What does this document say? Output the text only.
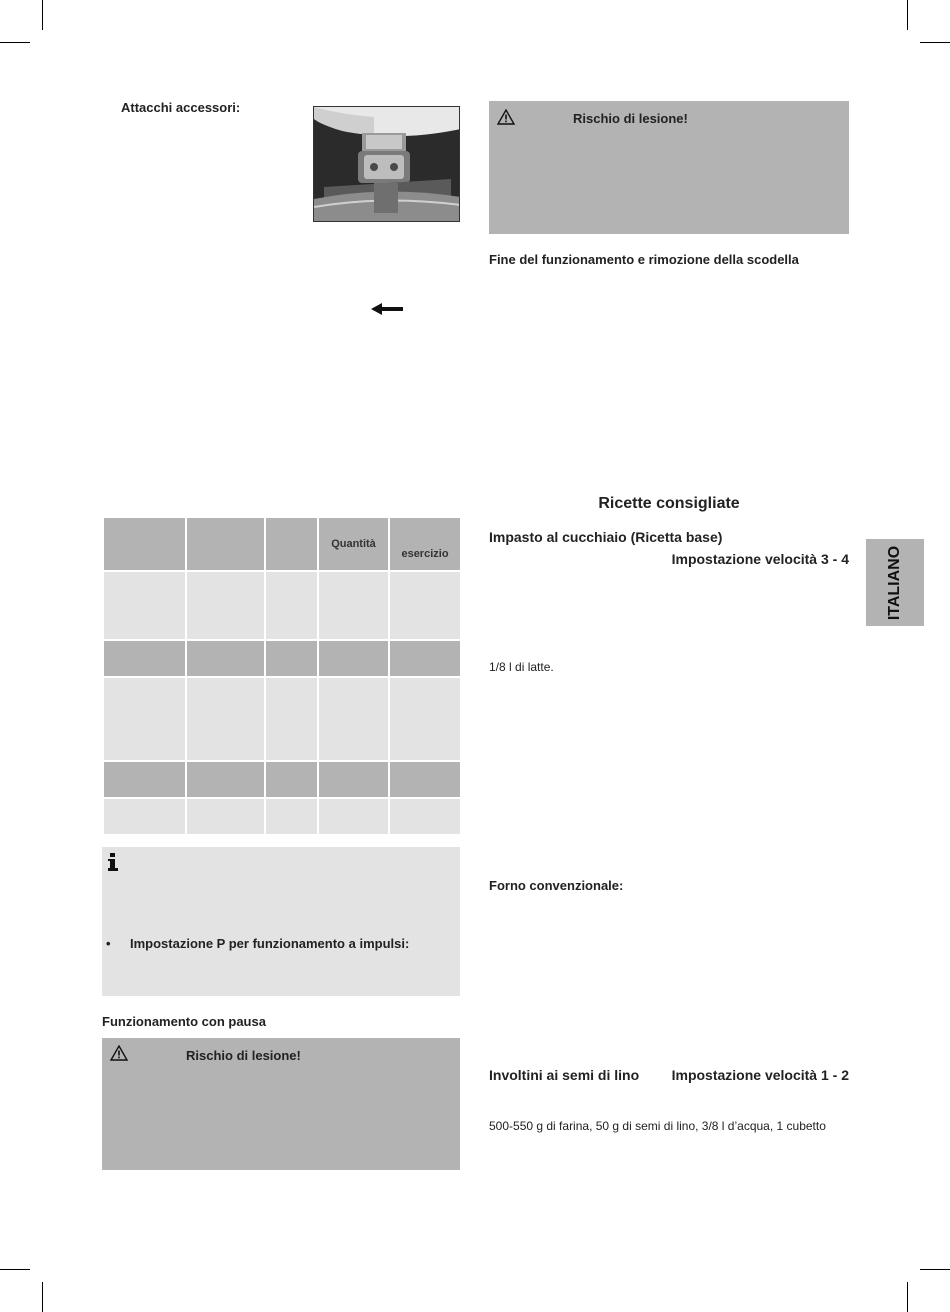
Attacchi accessori:
			Quantità	esercizio

• Impostazione P per funzionamento a impulsi:
Funzionamento con pausa
Rischio di lesione!
Rischio di lesione!
Fine del funzionamento e rimozione della scodella
Ricette consigliate
Impasto al cucchiaio (Ricetta base)
Impostazione velocità 3 - 4
1/8 l di latte.
Forno convenzionale:
Involtini ai semi di lino	Impostazione velocità 1 - 2
500-550 g di farina, 50 g di semi di lino, 3/8 l d’acqua, 1 cubetto
ITALIANO
